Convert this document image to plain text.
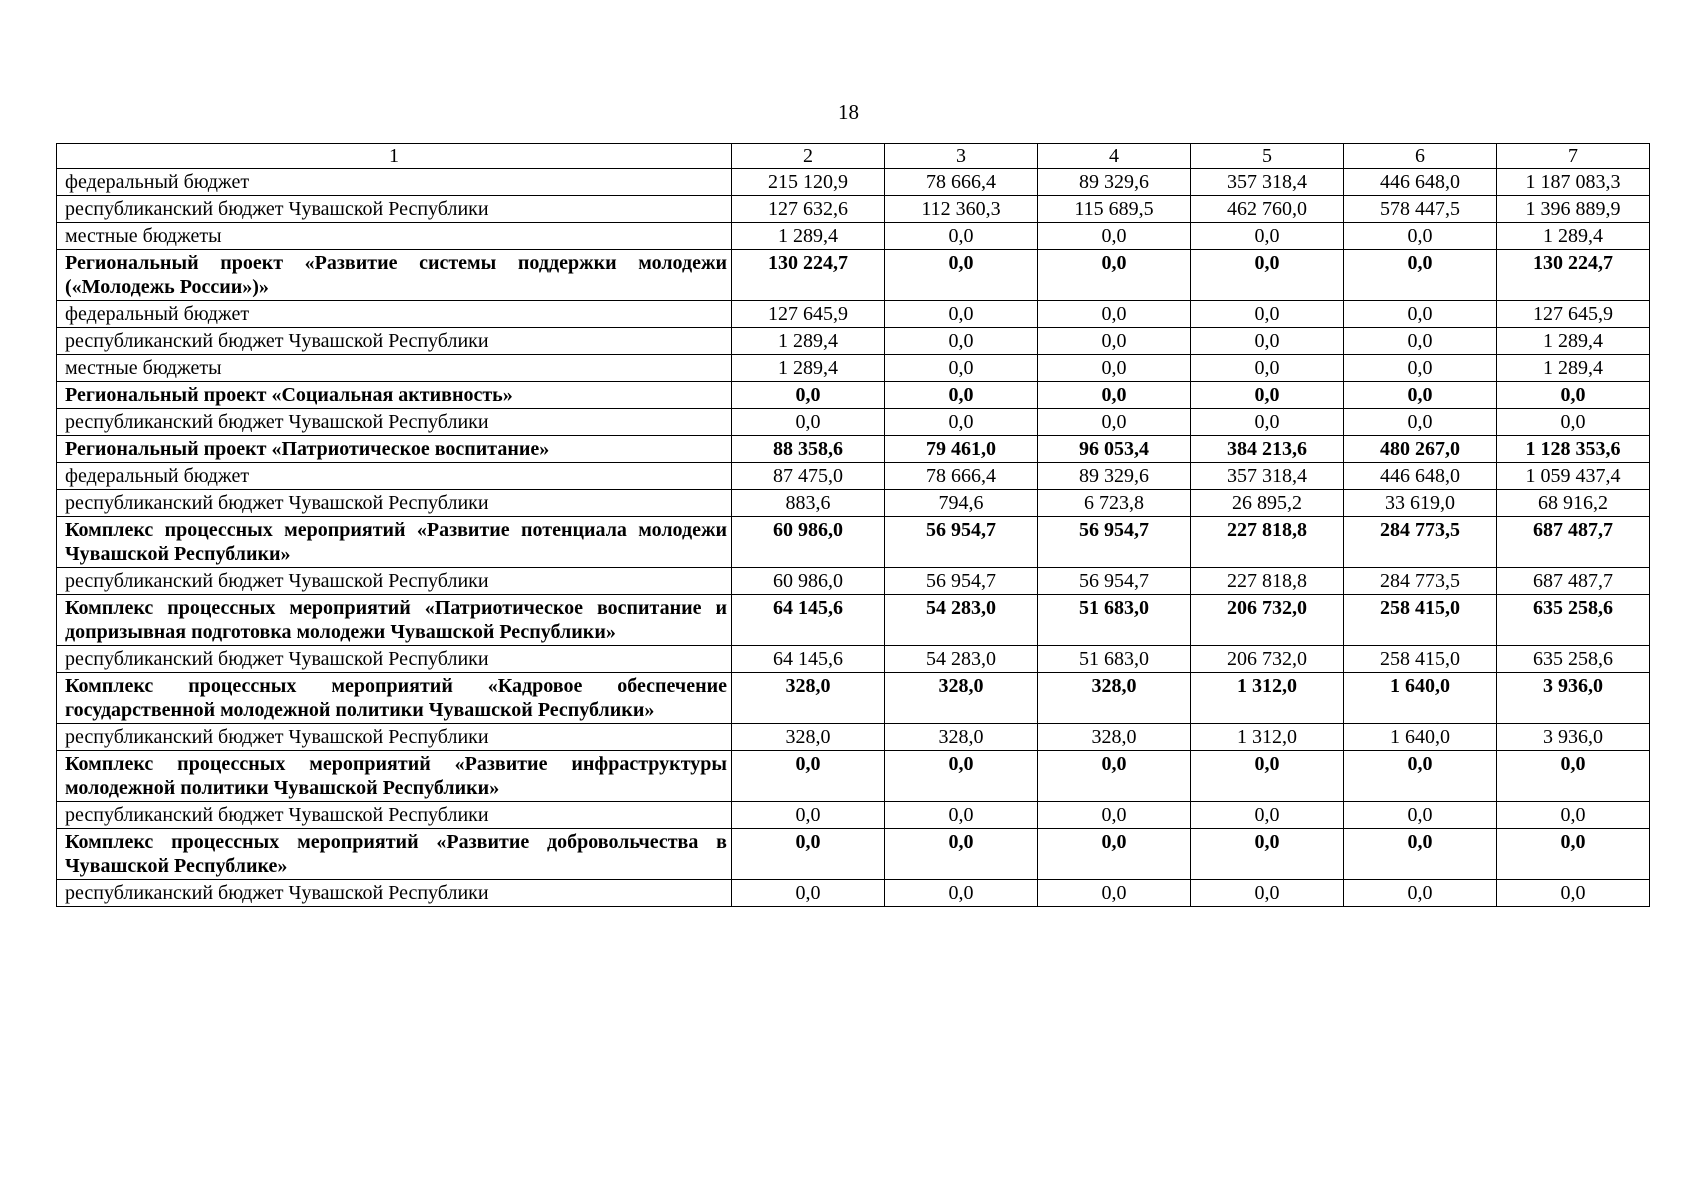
18
1	2	3	4	5	6	7
федеральный бюджет	215 120,9	78 666,4	89 329,6	357 318,4	446 648,0	1 187 083,3
республиканский бюджет Чувашской Республики	127 632,6	112 360,3	115 689,5	462 760,0	578 447,5	1 396 889,9
местные бюджеты	1 289,4	0,0	0,0	0,0	0,0	1 289,4
Региональный проект «Развитие системы поддержки молодежи («Молодежь России»)»	130 224,7	0,0	0,0	0,0	0,0	130 224,7
федеральный бюджет	127 645,9	0,0	0,0	0,0	0,0	127 645,9
республиканский бюджет Чувашской Республики	1 289,4	0,0	0,0	0,0	0,0	1 289,4
местные бюджеты	1 289,4	0,0	0,0	0,0	0,0	1 289,4
Региональный проект «Социальная активность»	0,0	0,0	0,0	0,0	0,0	0,0
республиканский бюджет Чувашской Республики	0,0	0,0	0,0	0,0	0,0	0,0
Региональный проект «Патриотическое воспитание»	88 358,6	79 461,0	96 053,4	384 213,6	480 267,0	1 128 353,6
федеральный бюджет	87 475,0	78 666,4	89 329,6	357 318,4	446 648,0	1 059 437,4
республиканский бюджет Чувашской Республики	883,6	794,6	6 723,8	26 895,2	33 619,0	68 916,2
Комплекс процессных мероприятий «Развитие потенциала молодежи Чувашской Республики»	60 986,0	56 954,7	56 954,7	227 818,8	284 773,5	687 487,7
республиканский бюджет Чувашской Республики	60 986,0	56 954,7	56 954,7	227 818,8	284 773,5	687 487,7
Комплекс процессных мероприятий «Патриотическое воспитание и допризывная подготовка молодежи Чувашской Республики»	64 145,6	54 283,0	51 683,0	206 732,0	258 415,0	635 258,6
республиканский бюджет Чувашской Республики	64 145,6	54 283,0	51 683,0	206 732,0	258 415,0	635 258,6
Комплекс процессных мероприятий «Кадровое обеспечение государственной молодежной политики Чувашской Республики»	328,0	328,0	328,0	1 312,0	1 640,0	3 936,0
республиканский бюджет Чувашской Республики	328,0	328,0	328,0	1 312,0	1 640,0	3 936,0
Комплекс процессных мероприятий «Развитие инфраструктуры молодежной политики Чувашской Республики»	0,0	0,0	0,0	0,0	0,0	0,0
республиканский бюджет Чувашской Республики	0,0	0,0	0,0	0,0	0,0	0,0
Комплекс процессных мероприятий «Развитие добровольчества в Чувашской Республике»	0,0	0,0	0,0	0,0	0,0	0,0
республиканский бюджет Чувашской Республики	0,0	0,0	0,0	0,0	0,0	0,0
